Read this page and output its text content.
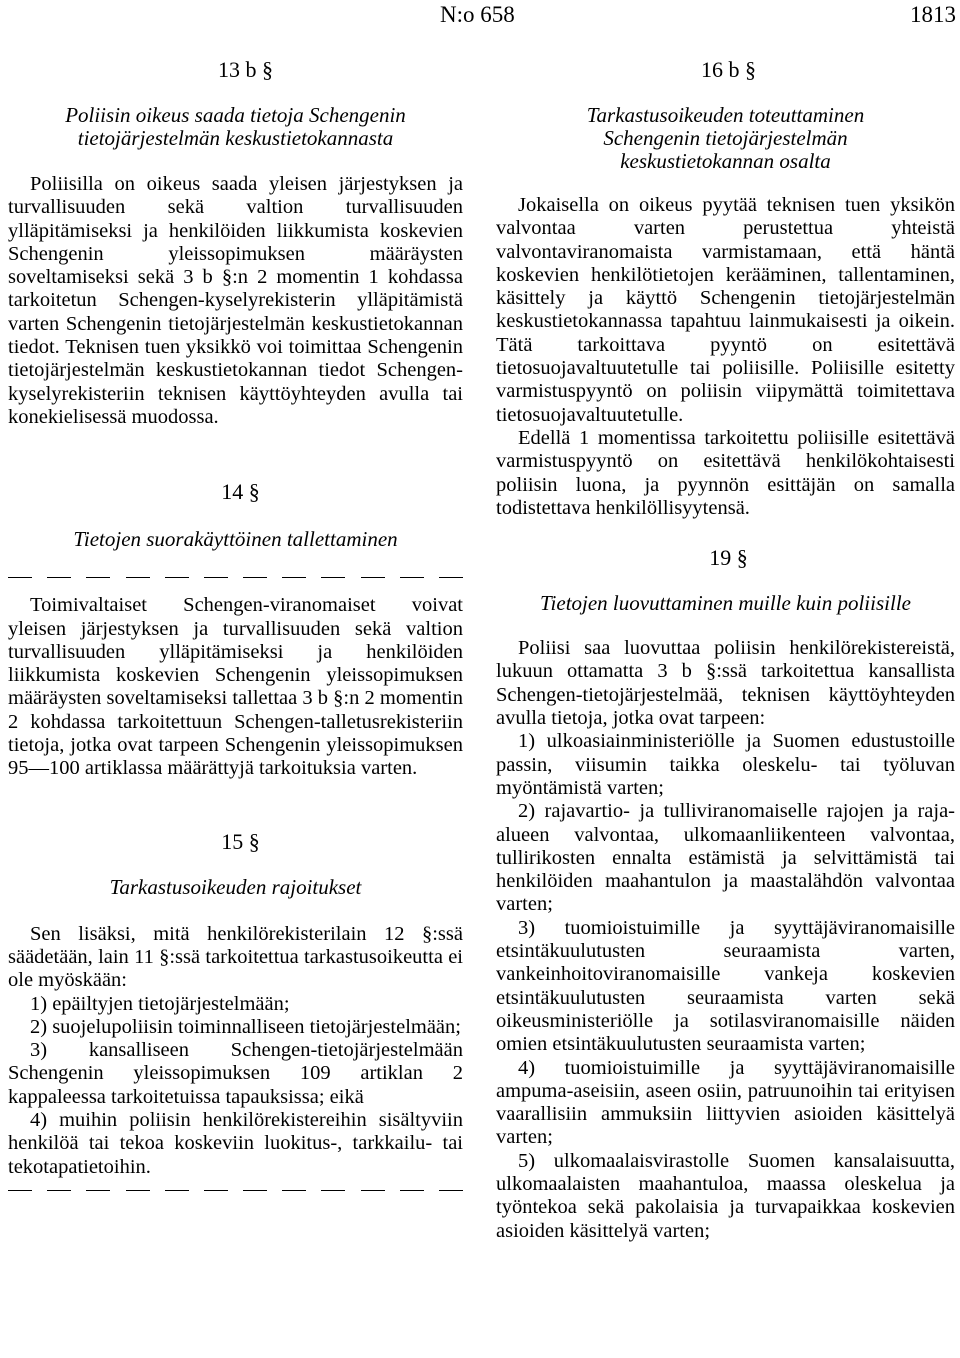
N:o 658	1813
13 b §
Poliisin oikeus saada tietoja Schengenin tietojärjestelmän keskustietokannasta

Poliisilla on oikeus saada yleisen järjestyksen ja turvallisuuden sekä valtion turvallisuuden ylläpitämiseksi ja henkilöiden liikkumista koskevien Schengenin yleissopimuksen määräysten soveltamiseksi sekä 3 b §:n 2 momentin 1 kohdassa tarkoitetun Schengen-kyselyrekisterin ylläpitämistä varten Schengenin tietojärjestelmän keskustietokannan tiedot. Teknisen tuen yksikkö voi toimittaa Schengenin tietojärjestelmän keskustietokannan tiedot Schengen-kyselyrekisteriin teknisen käyttöyhteyden avulla tai konekielisessä muodossa.

14 §
Tietojen suorakäyttöinen tallettaminen

Toimivaltaiset Schengen-viranomaiset voivat yleisen järjestyksen ja turvallisuuden sekä valtion turvallisuuden ylläpitämiseksi ja henkilöiden liikkumista koskevien Schengenin yleissopimuksen määräysten soveltamiseksi tallettaa 3 b §:n 2 momentin 2 kohdassa tarkoitettuun Schengen-talletusrekisteriin tietoja, jotka ovat tarpeen Schengenin yleissopimuksen 95—100 artiklassa määrättyjä tarkoituksia varten.

15 §
Tarkastusoikeuden rajoitukset

Sen lisäksi, mitä henkilörekisterilain 12 §:ssä säädetään, lain 11 §:ssä tarkoitettua tarkastusoikeutta ei ole myöskään:

1) epäiltyjen tietojärjestelmään;

2) suojelupoliisin toiminnalliseen tietojärjestelmään;

3) kansalliseen Schengen-tietojärjestelmään Schengenin yleissopimuksen 109 artiklan 2 kappaleessa tarkoitetuissa tapauksissa; eikä

4) muihin poliisin henkilörekistereihin sisältyviin henkilöä tai tekoa koskeviin luokitus-, tarkkailu- tai tekotapatietoihin.

16 b §
Tarkastusoikeuden toteuttaminen Schengenin tietojärjestelmän keskustietokannan osalta

Jokaisella on oikeus pyytää teknisen tuen yksikön valvontaa varten perustettua yhteistä valvontaviranomaista varmistamaan, että häntä koskevien henkilötietojen kerääminen, tallentaminen, käsittely ja käyttö Schengenin tietojärjestelmän keskustietokannassa tapahtuu lainmukaisesti ja oikein. Tätä tarkoittava pyyntö on esitettävä tietosuojavaltuutetulle tai poliisille. Poliisille esitetty varmistuspyyntö on poliisin viipymättä toimitettava tietosuojavaltuutetulle.

Edellä 1 momentissa tarkoitettu poliisille esitettävä varmistuspyyntö on esitettävä henkilökohtaisesti poliisin luona, ja pyynnön esittäjän on samalla todistettava henkilöllisyytensä.

19 §
Tietojen luovuttaminen muille kuin poliisille

Poliisi saa luovuttaa poliisin henkilörekistereistä, lukuun ottamatta 3 b §:ssä tarkoitettua kansallista Schengen-tietojärjestelmää, teknisen käyttöyhteyden avulla tietoja, jotka ovat tarpeen:

1) ulkoasiainministeriölle ja Suomen edustustoille passin, viisumin taikka oleskelu- tai työluvan myöntämistä varten;

2) rajavartio- ja tulliviranomaiselle rajojen ja raja-alueen valvontaa, ulkomaanliikenteen valvontaa, tullirikosten ennalta estämistä ja selvittämistä tai henkilöiden maahantulon ja maastalähdön valvontaa varten;

3) tuomioistuimille ja syyttäjäviranomaisille etsintäkuulutusten seuraamista varten, vankeinhoitoviranomaisille vankeja koskevien etsintäkuulutusten seuraamista varten sekä oikeusministeriölle ja sotilasviranomaisille näiden omien etsintäkuulutusten seuraamista varten;

4) tuomioistuimille ja syyttäjäviranomaisille ampuma-aseisiin, aseen osiin, patruunoihin tai erityisen vaarallisiin ammuksiin liittyvien asioiden käsittelyä varten;

5) ulkomaalaisvirastolle Suomen kansalaisuutta, ulkomaalaisten maahantuloa, maassa oleskelua ja työntekoa sekä pakolaisia ja turvapaikkaa koskevien asioiden käsittelyä varten;
